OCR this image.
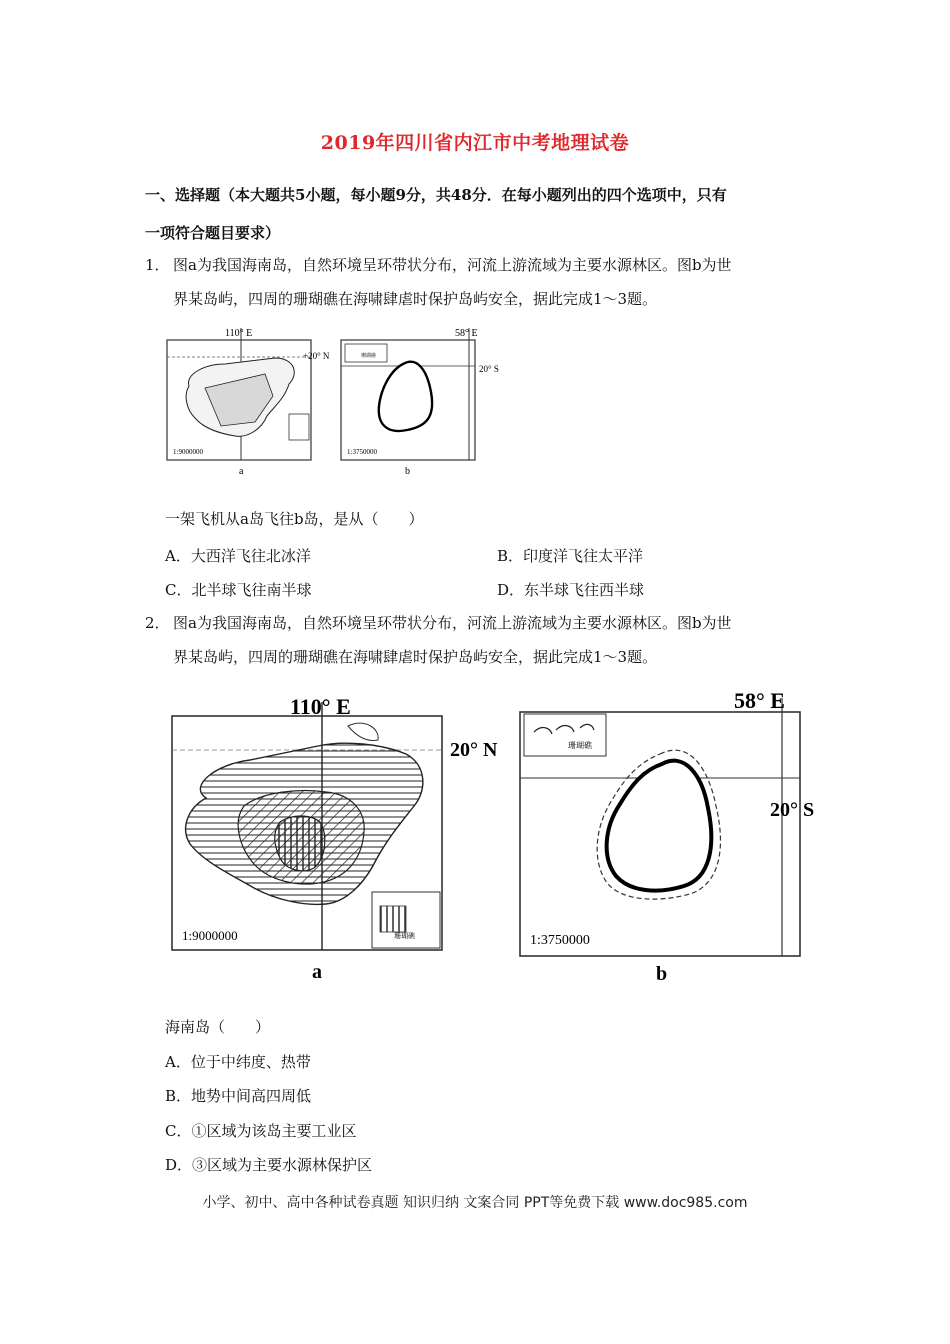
2019年四川省内江市中考地理试卷
一、选择题（本大题共5小题，每小题9分，共48分．在每小题列出的四个选项中，只有
一项符合题目要求）
1． 图a为我国海南岛，自然环境呈环带状分布，河流上游流域为主要水源林区。图b为世
界某岛屿，四周的珊瑚礁在海啸肆虐时保护岛屿安全，据此完成1～3题。
110° E
+20° N
1:9000000
a
58° E
20° S
珊瑚礁
1:3750000
b
一架飞机从a岛飞往b岛，是从（　　）
A．大西洋飞往北冰洋	B．印度洋飞往太平洋
C．北半球飞往南半球	D．东半球飞往西半球
2． 图a为我国海南岛，自然环境呈环带状分布，河流上游流域为主要水源林区。图b为世
界某岛屿，四周的珊瑚礁在海啸肆虐时保护岛屿安全，据此完成1～3题。
110° E
20° N
珊瑚礁
1:9000000
a
58° E
20° S
珊瑚礁
1:3750000
b
海南岛（　　）
A．位于中纬度、热带
B．地势中间高四周低
C．①区域为该岛主要工业区
D．③区域为主要水源林保护区
小学、初中、高中各种试卷真题 知识归纳 文案合同 PPT等免费下载 www.doc985.com
